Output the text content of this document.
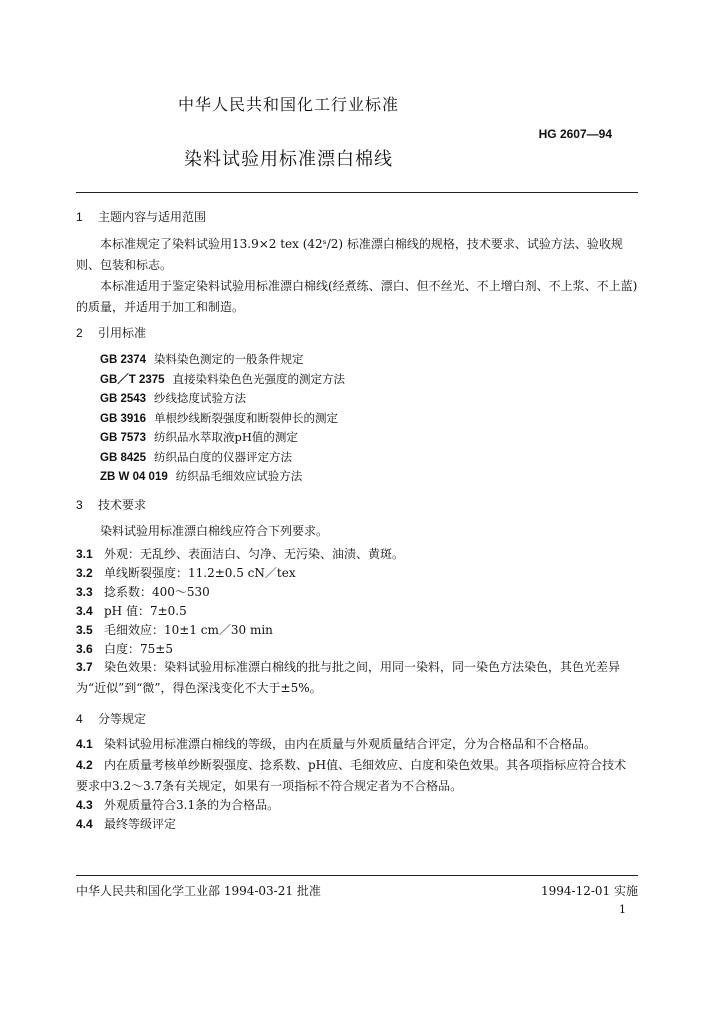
中华人民共和国化工行业标准
HG 2607—94
染料试验用标准漂白棉线
1 主题内容与适用范围
本标准规定了染料试验用13.9×2 tex (42ˢ/2) 标准漂白棉线的规格，技术要求、试验方法、验收规则、包装和标志。
本标准适用于鉴定染料试验用标准漂白棉线(经煮练、漂白、但不丝光、不上增白剂、不上浆、不上蓝)的质量，并适用于加工和制造。
2 引用标准
GB 2374 染料染色测定的一般条件规定
GB／T 2375 直接染料染色色光强度的测定方法
GB 2543 纱线捻度试验方法
GB 3916 单根纱线断裂强度和断裂伸长的测定
GB 7573 纺织品水萃取液pH值的测定
GB 8425 纺织品白度的仪器评定方法
ZB W 04 019 纺织品毛细效应试验方法
3 技术要求
染料试验用标准漂白棉线应符合下列要求。
3.1 外观：无乱纱、表面洁白、匀净、无污染、油渍、黄斑。
3.2 单线断裂强度：11.2±0.5 cN／tex
3.3 捻系数：400～530
3.4 pH 值：7±0.5
3.5 毛细效应：10±1 cm／30 min
3.6 白度：75±5
3.7 染色效果：染料试验用标准漂白棉线的批与批之间，用同一染料，同一染色方法染色，其色光差异为“近似”到“微”，得色深浅变化不大于±5%。
4 分等规定
4.1 染料试验用标准漂白棉线的等级，由内在质量与外观质量结合评定，分为合格品和不合格品。
4.2 内在质量考核单纱断裂强度、捻系数、pH值、毛细效应、白度和染色效果。其各项指标应符合技术要求中3.2～3.7条有关规定，如果有一项指标不符合规定者为不合格品。
4.3 外观质量符合3.1条的为合格品。
4.4 最终等级评定
中华人民共和国化学工业部 1994-03-21 批准	1994-12-01 实施
1
